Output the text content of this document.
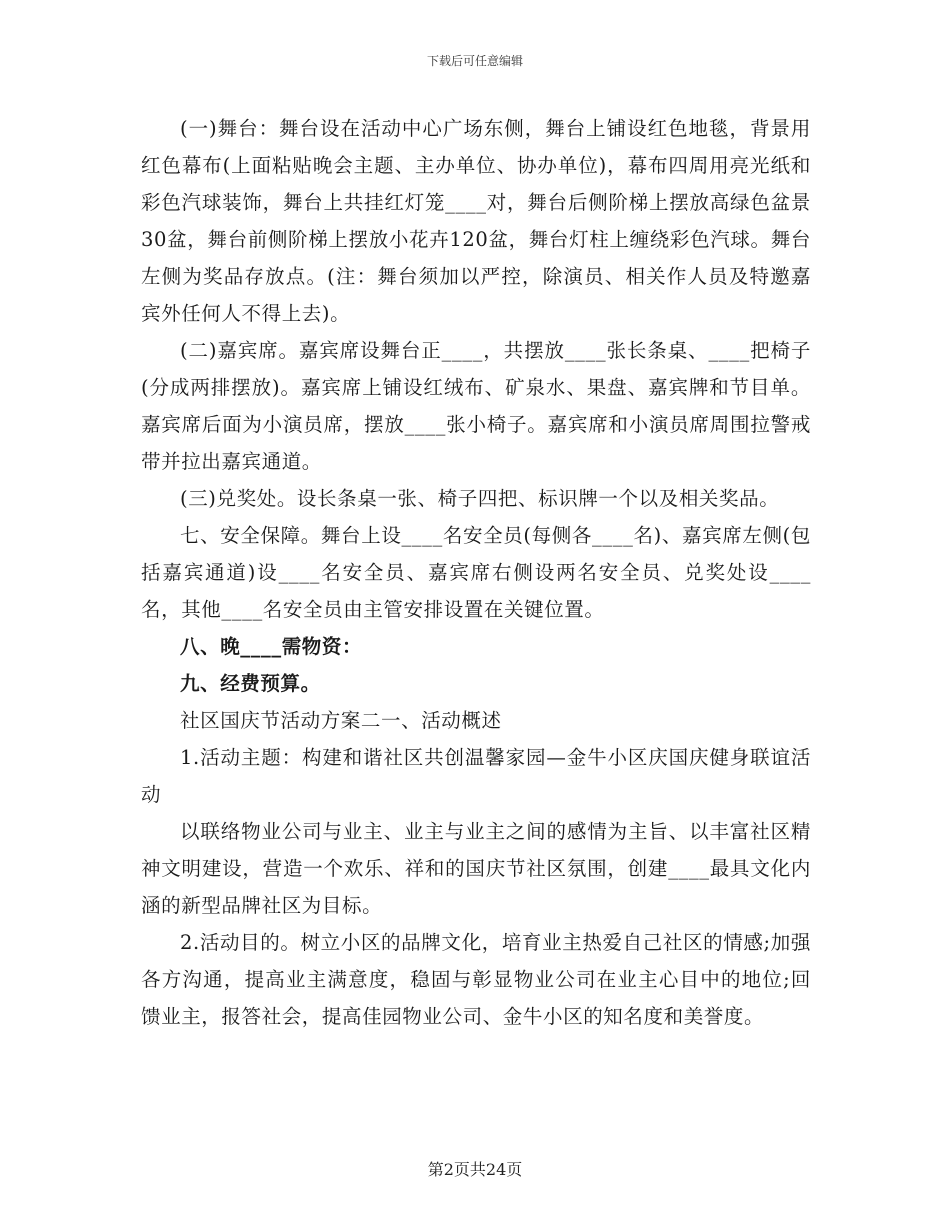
下载后可任意编辑

(一)舞台：舞台设在活动中心广场东侧，舞台上铺设红色地毯，背景用红色幕布(上面粘贴晚会主题、主办单位、协办单位)，幕布四周用亮光纸和彩色汽球装饰，舞台上共挂红灯笼____对，舞台后侧阶梯上摆放高绿色盆景30盆，舞台前侧阶梯上摆放小花卉120盆，舞台灯柱上缠绕彩色汽球。舞台左侧为奖品存放点。(注：舞台须加以严控，除演员、相关作人员及特邀嘉宾外任何人不得上去)。

(二)嘉宾席。嘉宾席设舞台正____，共摆放____张长条桌、____把椅子(分成两排摆放)。嘉宾席上铺设红绒布、矿泉水、果盘、嘉宾牌和节目单。嘉宾席后面为小演员席，摆放____张小椅子。嘉宾席和小演员席周围拉警戒带并拉出嘉宾通道。

(三)兑奖处。设长条桌一张、椅子四把、标识牌一个以及相关奖品。

七、安全保障。舞台上设____名安全员(每侧各____名)、嘉宾席左侧(包括嘉宾通道)设____名安全员、嘉宾席右侧设两名安全员、兑奖处设____名，其他____名安全员由主管安排设置在关键位置。

八、晚____需物资：

九、经费预算。

社区国庆节活动方案二一、活动概述

1.活动主题：构建和谐社区共创温馨家园—金牛小区庆国庆健身联谊活动

以联络物业公司与业主、业主与业主之间的感情为主旨、以丰富社区精神文明建设，营造一个欢乐、祥和的国庆节社区氛围，创建____最具文化内涵的新型品牌社区为目标。

2.活动目的。树立小区的品牌文化，培育业主热爱自己社区的情感;加强各方沟通，提高业主满意度，稳固与彰显物业公司在业主心目中的地位;回馈业主，报答社会，提高佳园物业公司、金牛小区的知名度和美誉度。

第2页共24页
